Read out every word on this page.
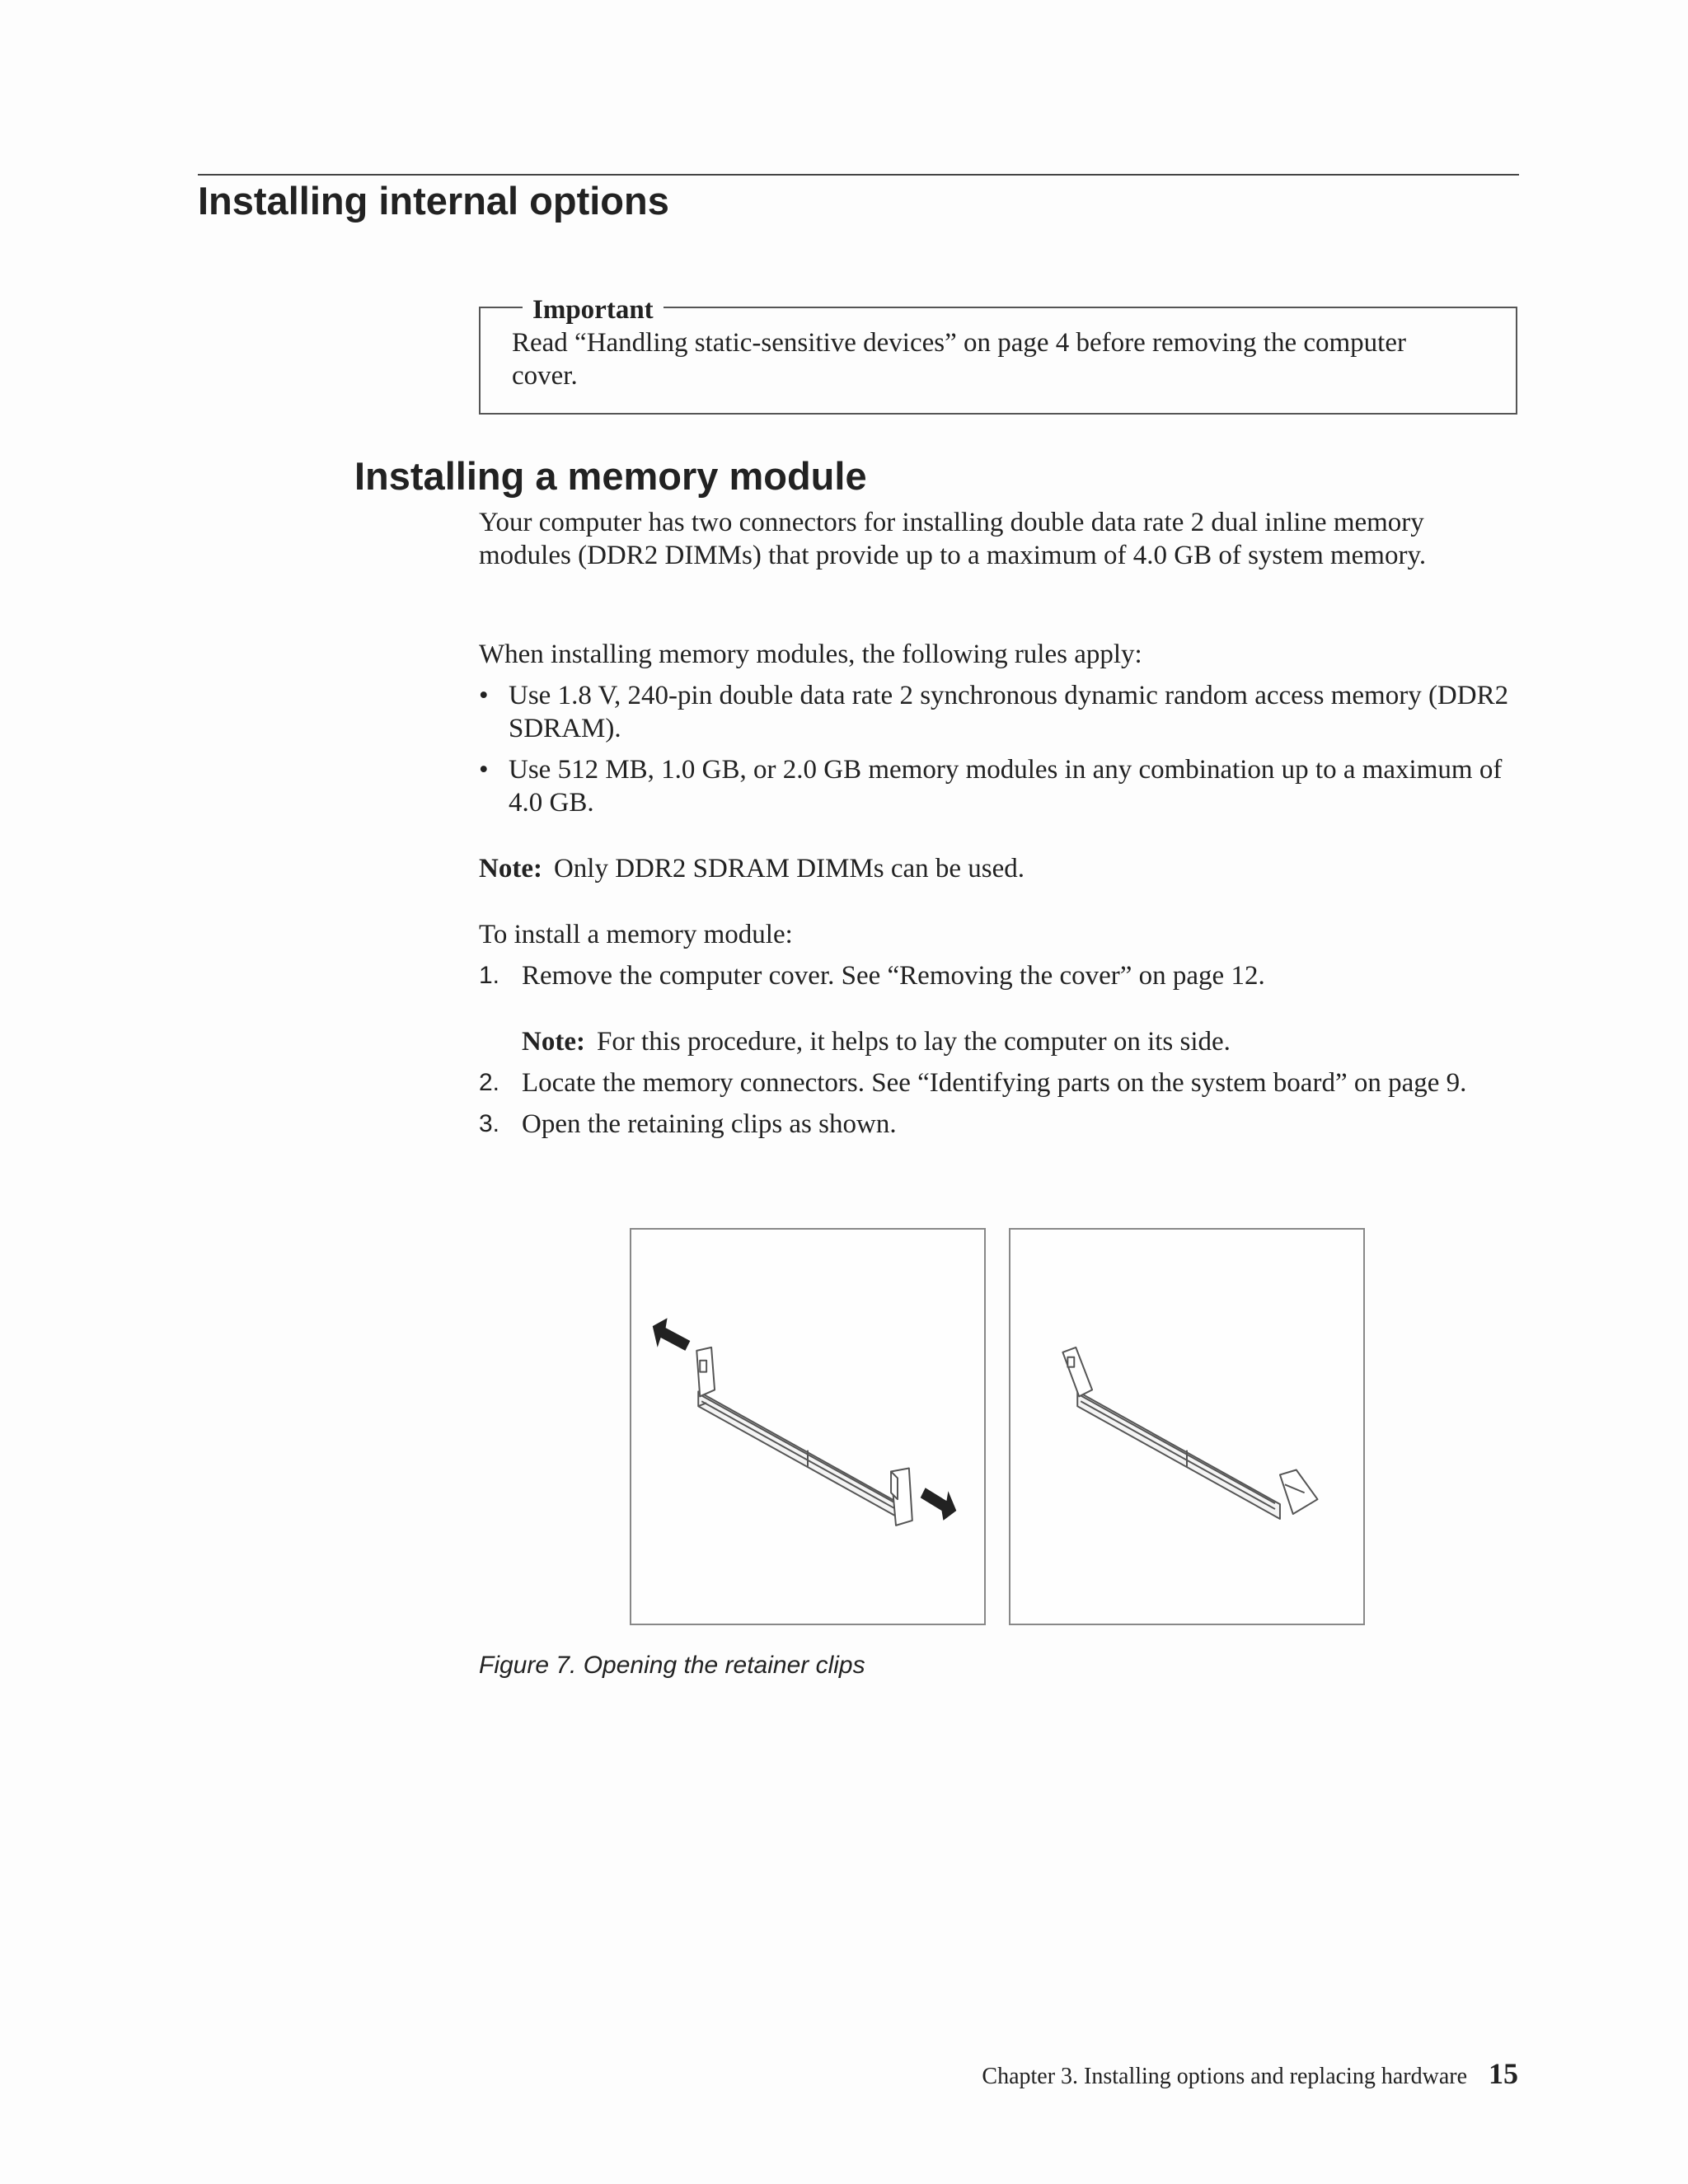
Installing internal options
Important

Read “Handling static-sensitive devices” on page 4 before removing the computer cover.

Installing a memory module

Your computer has two connectors for installing double data rate 2 dual inline memory modules (DDR2 DIMMs) that provide up to a maximum of 4.0 GB of system memory.

When installing memory modules, the following rules apply:

• Use 1.8 V, 240-pin double data rate 2 synchronous dynamic random access memory (DDR2 SDRAM).
• Use 512 MB, 1.0 GB, or 2.0 GB memory modules in any combination up to a maximum of 4.0 GB.

Note: Only DDR2 SDRAM DIMMs can be used.

To install a memory module:

1. Remove the computer cover. See “Removing the cover” on page 12.
Note: For this procedure, it helps to lay the computer on its side.
2. Locate the memory connectors. See “Identifying parts on the system board” on page 9.
3. Open the retaining clips as shown.

Figure 7. Opening the retainer clips

Chapter 3. Installing options and replacing hardware 15
